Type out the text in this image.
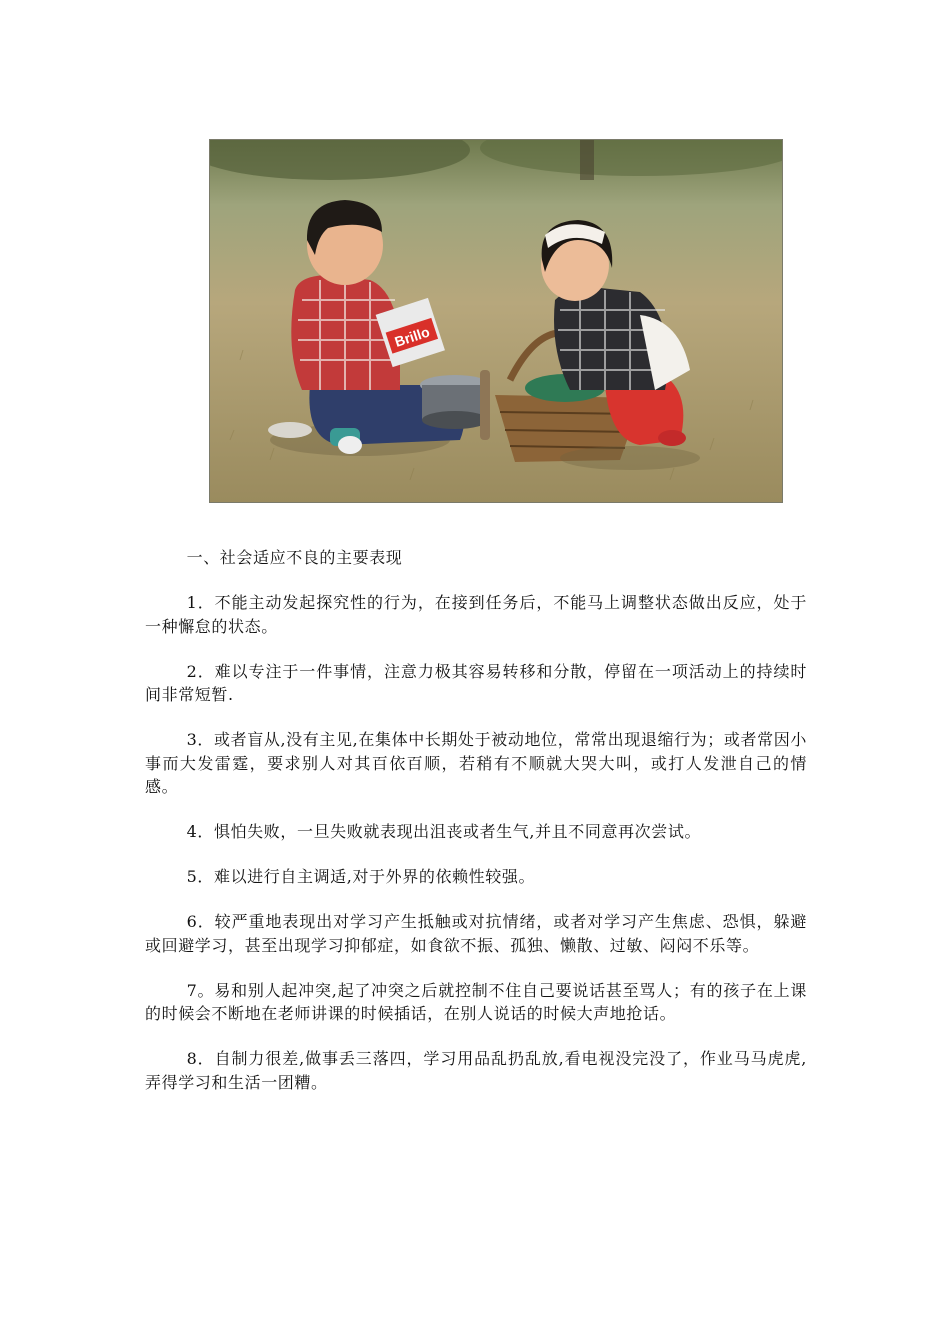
Brillo

一、社会适应不良的主要表现

1．不能主动发起探究性的行为，在接到任务后，不能马上调整状态做出反应，处于一种懈怠的状态。

2．难以专注于一件事情，注意力极其容易转移和分散，停留在一项活动上的持续时间非常短暂.

3．或者盲从,没有主见,在集体中长期处于被动地位，常常出现退缩行为；或者常因小事而大发雷霆，要求别人对其百依百顺，若稍有不顺就大哭大叫，或打人发泄自己的情感。

4．惧怕失败，一旦失败就表现出沮丧或者生气,并且不同意再次尝试。

5．难以进行自主调适,对于外界的依赖性较强。

6．较严重地表现出对学习产生抵触或对抗情绪，或者对学习产生焦虑、恐惧，躲避或回避学习，甚至出现学习抑郁症，如食欲不振、孤独、懒散、过敏、闷闷不乐等。

7。易和别人起冲突,起了冲突之后就控制不住自己要说话甚至骂人；有的孩子在上课的时候会不断地在老师讲课的时候插话，在别人说话的时候大声地抢话。

8．自制力很差,做事丢三落四，学习用品乱扔乱放,看电视没完没了，作业马马虎虎,弄得学习和生活一团糟。
